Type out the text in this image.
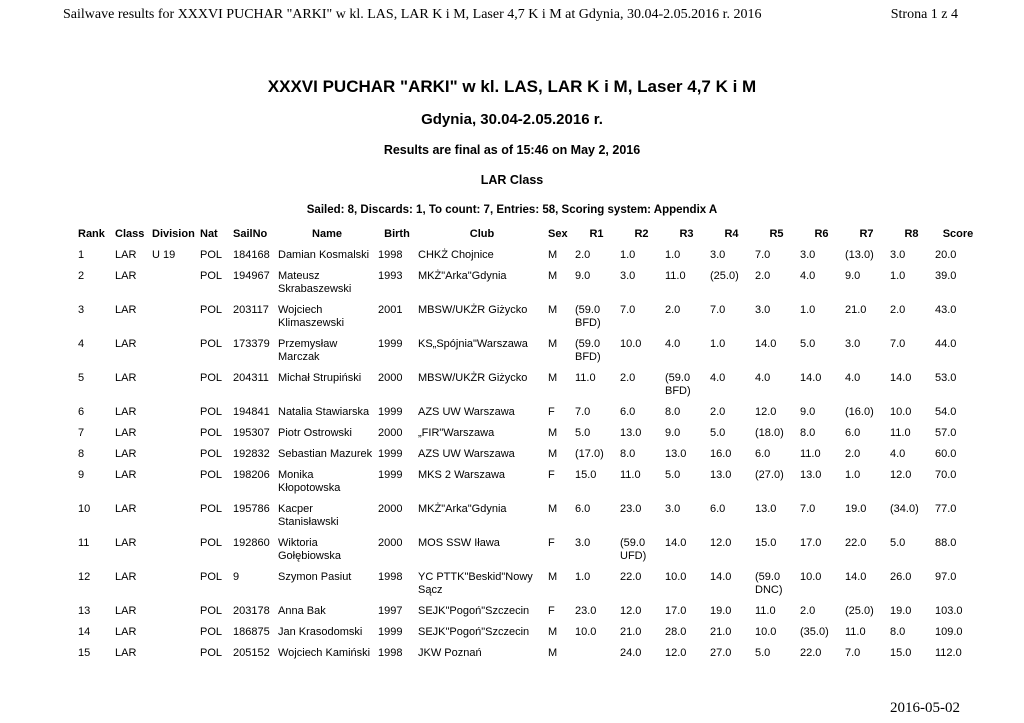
Sailwave results for XXXVI PUCHAR "ARKI" w kl. LAS, LAR K i M, Laser 4,7 K i M at Gdynia, 30.04-2.05.2016 r. 2016	Strona 1 z 4
XXXVI PUCHAR "ARKI" w kl. LAS, LAR K i M, Laser 4,7 K i M
Gdynia, 30.04-2.05.2016 r.
Results are final as of 15:46 on May 2, 2016
LAR Class
Sailed: 8, Discards: 1, To count: 7, Entries: 58, Scoring system: Appendix A
Rank	Class	Division	Nat	SailNo	Name	Birth	Club	Sex	R1	R2	R3	R4	R5	R6	R7	R8	Score
1	LAR	U 19	POL	184168	Damian Kosmalski	1998	CHKŻ Chojnice	M	2.0	1.0	1.0	3.0	7.0	3.0	(13.0)	3.0	20.0
2	LAR		POL	194967	Mateusz Skrabaszewski	1993	MKŻ"Arka"Gdynia	M	9.0	3.0	11.0	(25.0)	2.0	4.0	9.0	1.0	39.0
3	LAR		POL	203117	Wojciech Klimaszewski	2001	MBSW/UKŻR Giżycko	M	(59.0 BFD)	7.0	2.0	7.0	3.0	1.0	21.0	2.0	43.0
4	LAR		POL	173379	Przemysław Marczak	1999	KS„Spójnia"Warszawa	M	(59.0 BFD)	10.0	4.0	1.0	14.0	5.0	3.0	7.0	44.0
5	LAR		POL	204311	Michał Strupiński	2000	MBSW/UKŻR Giżycko	M	11.0	2.0	(59.0 BFD)	4.0	4.0	14.0	4.0	14.0	53.0
6	LAR		POL	194841	Natalia Stawiarska	1999	AZS UW Warszawa	F	7.0	6.0	8.0	2.0	12.0	9.0	(16.0)	10.0	54.0
7	LAR		POL	195307	Piotr Ostrowski	2000	„FIR"Warszawa	M	5.0	13.0	9.0	5.0	(18.0)	8.0	6.0	11.0	57.0
8	LAR		POL	192832	Sebastian Mazurek	1999	AZS UW Warszawa	M	(17.0)	8.0	13.0	16.0	6.0	11.0	2.0	4.0	60.0
9	LAR		POL	198206	Monika Kłopotowska	1999	MKS 2 Warszawa	F	15.0	11.0	5.0	13.0	(27.0)	13.0	1.0	12.0	70.0
10	LAR		POL	195786	Kacper Stanisławski	2000	MKŻ"Arka"Gdynia	M	6.0	23.0	3.0	6.0	13.0	7.0	19.0	(34.0)	77.0
11	LAR		POL	192860	Wiktoria Gołębiowska	2000	MOS SSW Iława	F	3.0	(59.0 UFD)	14.0	12.0	15.0	17.0	22.0	5.0	88.0
12	LAR		POL	9	Szymon Pasiut	1998	YC PTTK"Beskid"Nowy Sącz	M	1.0	22.0	10.0	14.0	(59.0 DNC)	10.0	14.0	26.0	97.0
13	LAR		POL	203178	Anna Bak	1997	SEJK"Pogoń"Szczecin	F	23.0	12.0	17.0	19.0	11.0	2.0	(25.0)	19.0	103.0
14	LAR		POL	186875	Jan Krasodomski	1999	SEJK"Pogoń"Szczecin	M	10.0	21.0	28.0	21.0	10.0	(35.0)	11.0	8.0	109.0
15	LAR		POL	205152	Wojciech Kamiński	1998	JKW Poznań	M		24.0	12.0	27.0	5.0	22.0	7.0	15.0	112.0
2016-05-02
